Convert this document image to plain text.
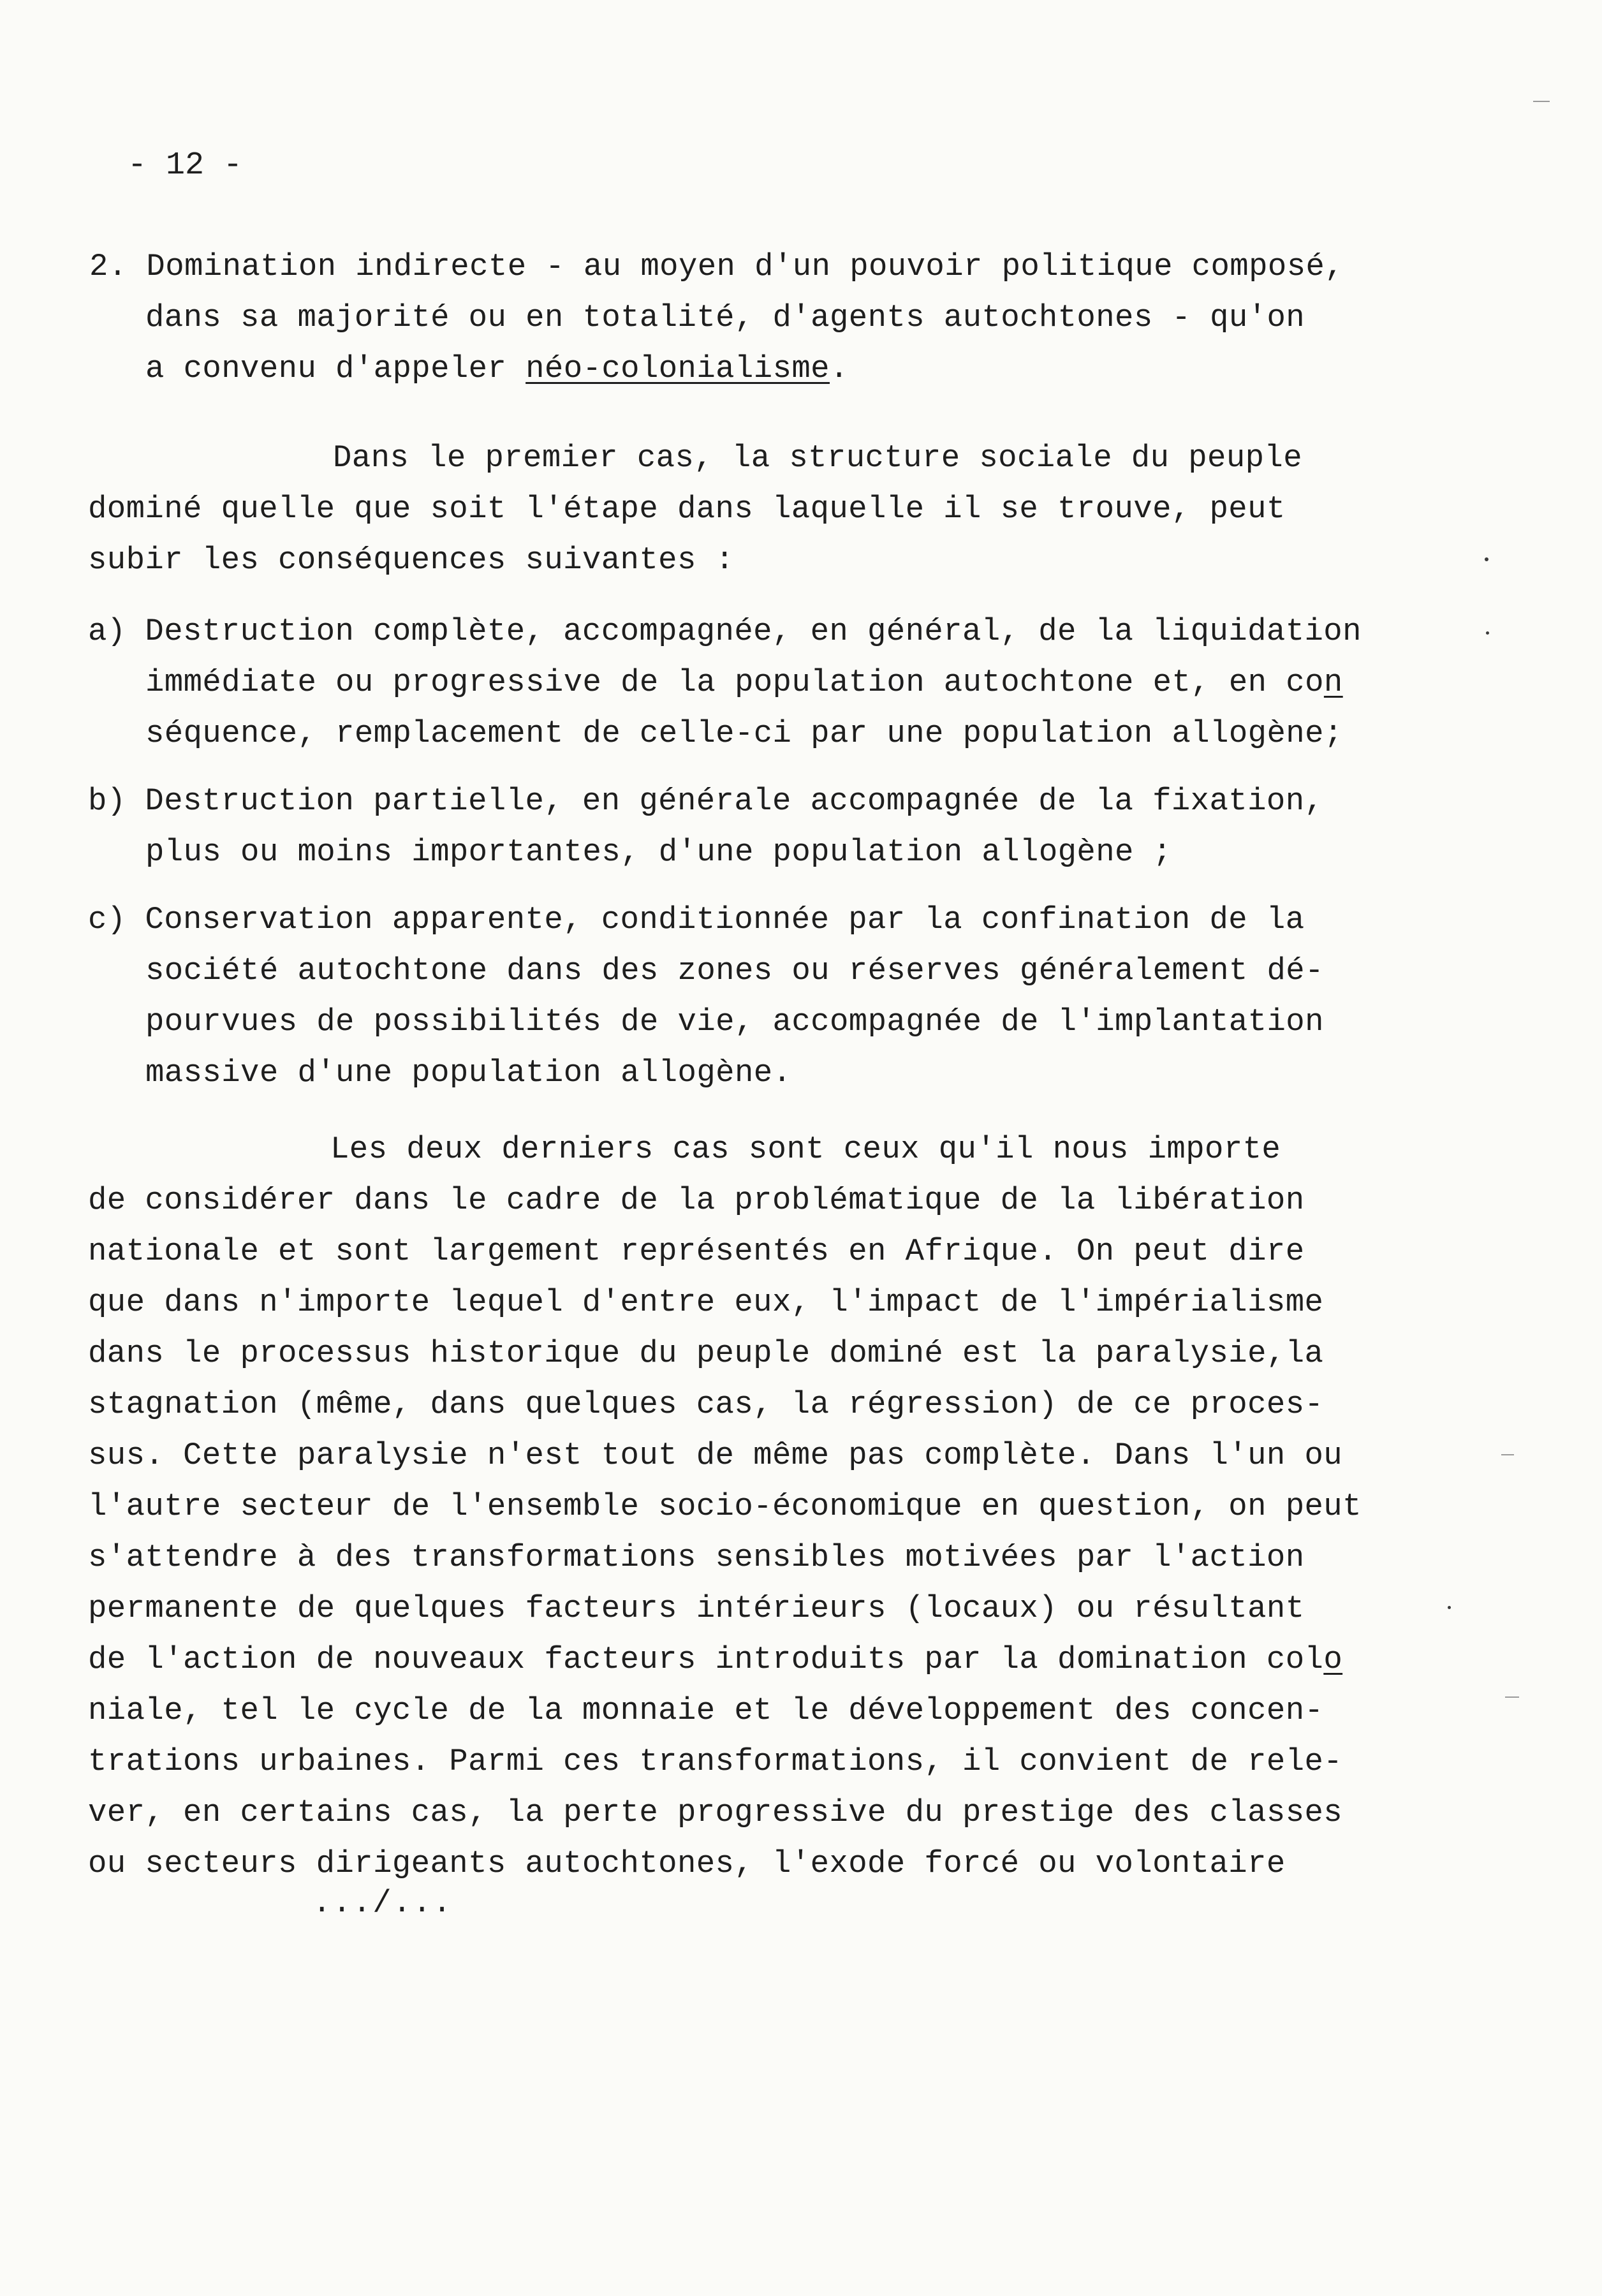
- 12 -
2. Domination indirecte - au moyen d'un pouvoir politique composé,
dans sa majorité ou en totalité, d'agents autochtones - qu'on
a convenu d'appeler néo-colonialisme.
Dans le premier cas, la structure sociale du peuple
dominé quelle que soit l'étape dans laquelle il se trouve, peut
subir les conséquences suivantes :
a) Destruction complète, accompagnée, en général, de la liquidation
immédiate ou progressive de la population autochtone et, en con
séquence, remplacement de celle-ci par une population allogène;
b) Destruction partielle, en générale accompagnée de la fixation,
plus ou moins importantes, d'une population allogène ;
c) Conservation apparente, conditionnée par la confination de la
société autochtone dans des zones ou réserves généralement dé-
pourvues de possibilités de vie, accompagnée de l'implantation
massive d'une population allogène.
Les deux derniers cas sont ceux qu'il nous importe
de considérer dans le cadre de la problématique de la libération
nationale et sont largement représentés en Afrique. On peut dire
que dans n'importe lequel d'entre eux, l'impact de l'impérialisme
dans le processus historique du peuple dominé est la paralysie,la
stagnation (même, dans quelques cas, la régression) de ce proces-
sus. Cette paralysie n'est tout de même pas complète. Dans l'un ou
l'autre secteur de l'ensemble socio-économique en question, on peut
s'attendre à des transformations sensibles motivées par l'action
permanente de quelques facteurs intérieurs (locaux) ou résultant
de l'action de nouveaux facteurs introduits par la domination colo
niale, tel le cycle de la monnaie et le développement des concen-
trations urbaines. Parmi ces transformations, il convient de rele-
ver, en certains cas, la perte progressive du prestige des classes
ou secteurs dirigeants autochtones, l'exode forcé ou volontaire
.../...
